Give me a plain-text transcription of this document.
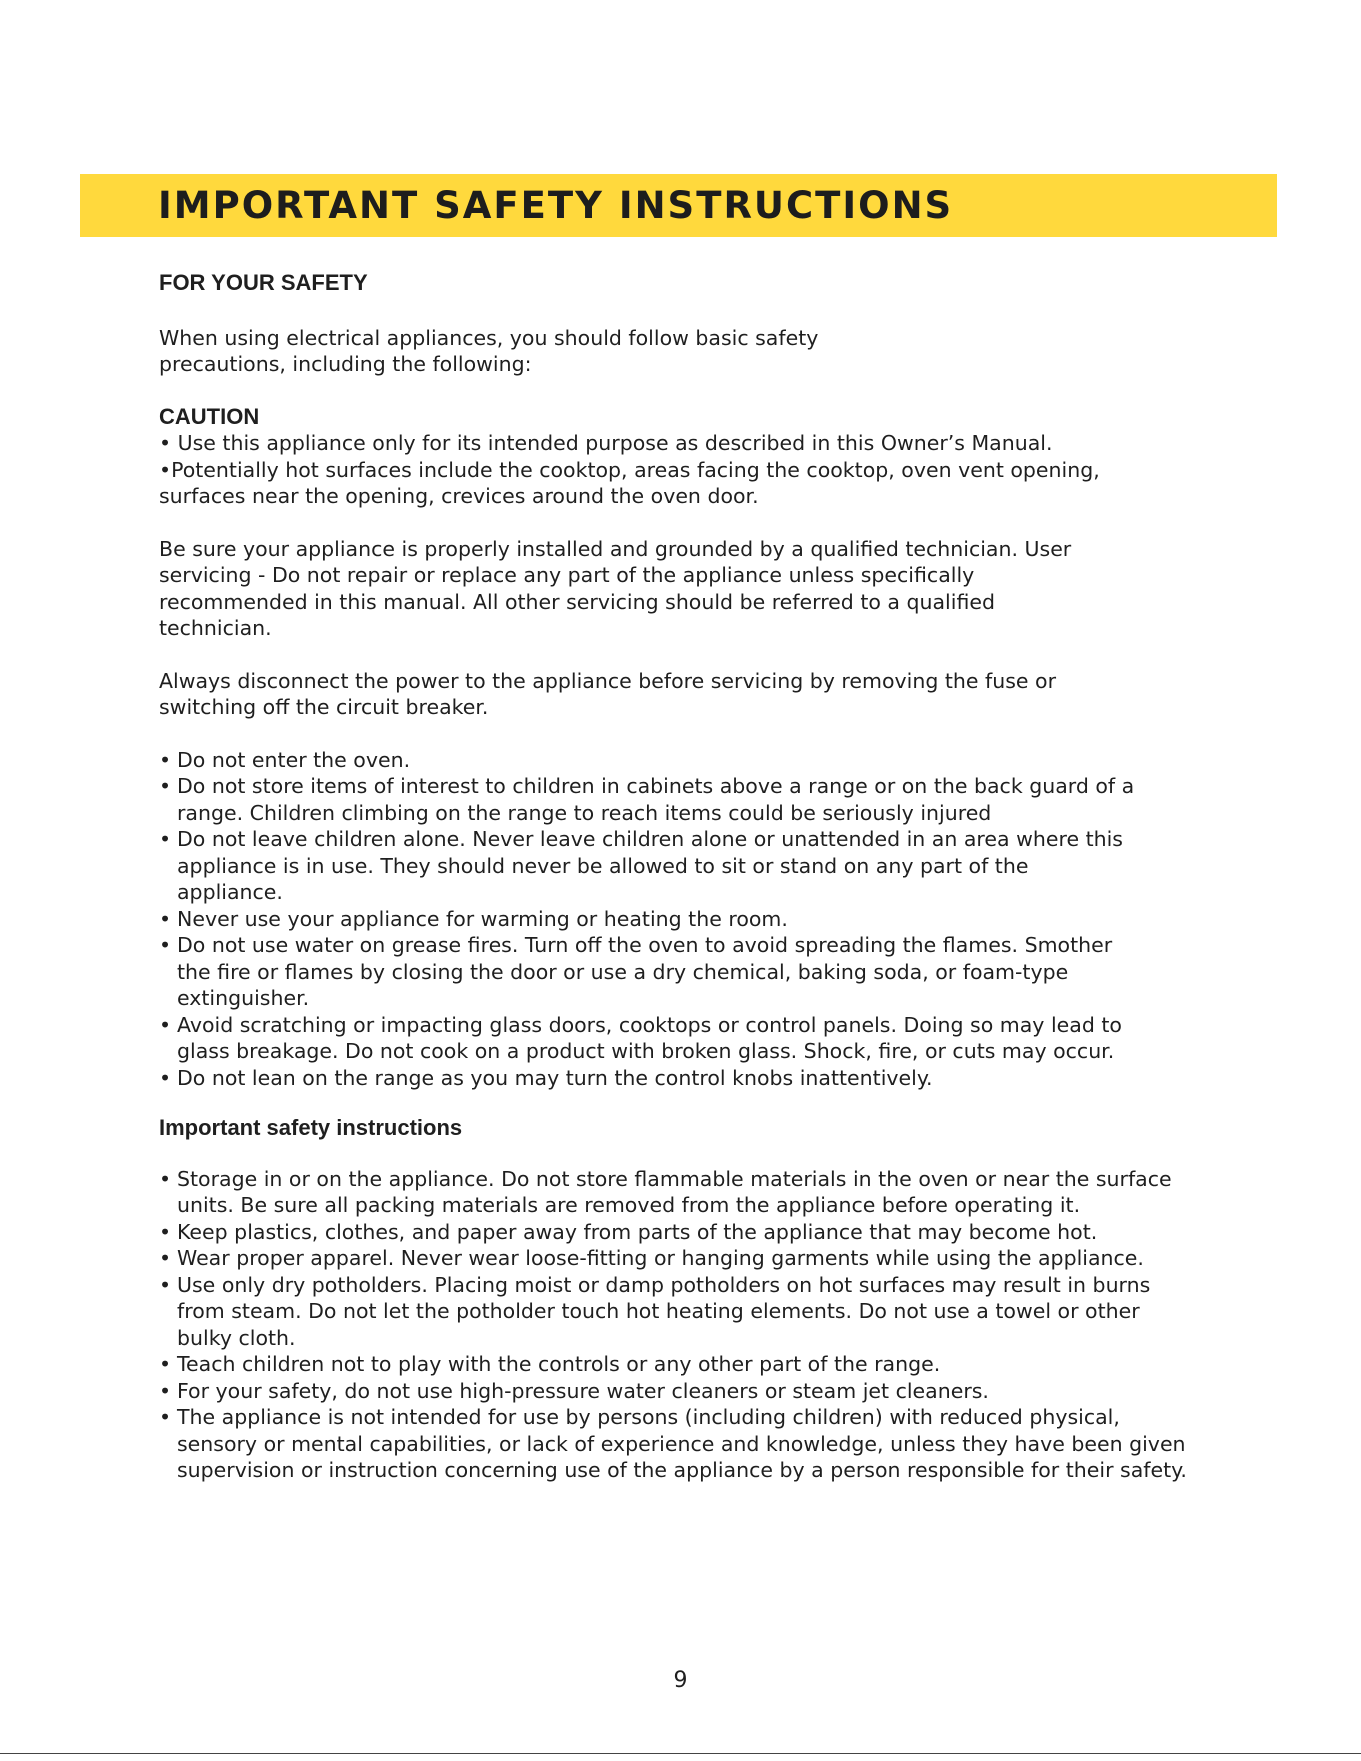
IMPORTANT SAFETY INSTRUCTIONS

FOR YOUR SAFETY

When using electrical appliances, you should follow basic safety precautions, including the following:

CAUTION

• Use this appliance only for its intended purpose as described in this Owner’s Manual.
•Potentially hot surfaces include the cooktop, areas facing the cooktop, oven vent opening, surfaces near the opening, crevices around the oven door.

Be sure your appliance is properly installed and grounded by a qualified technician. User servicing - Do not repair or replace any part of the appliance unless specifically recommended in this manual. All other servicing should be referred to a qualified technician.

Always disconnect the power to the appliance before servicing by removing the fuse or switching off the circuit breaker.

• Do not enter the oven.
• Do not store items of interest to children in cabinets above a range or on the back guard of a range. Children climbing on the range to reach items could be seriously injured
• Do not leave children alone. Never leave children alone or unattended in an area where this appliance is in use. They should never be allowed to sit or stand on any part of the appliance.
• Never use your appliance for warming or heating the room.
• Do not use water on grease fires. Turn off the oven to avoid spreading the flames. Smother the fire or flames by closing the door or use a dry chemical, baking soda, or foam-type extinguisher.
• Avoid scratching or impacting glass doors, cooktops or control panels. Doing so may lead to glass breakage. Do not cook on a product with broken glass. Shock, fire, or cuts may occur.
• Do not lean on the range as you may turn the control knobs inattentively.

Important safety instructions

• Storage in or on the appliance. Do not store flammable materials in the oven or near the surface units. Be sure all packing materials are removed from the appliance before operating it.
• Keep plastics, clothes, and paper away from parts of the appliance that may become hot.
• Wear proper apparel. Never wear loose-fitting or hanging garments while using the appliance.
• Use only dry potholders. Placing moist or damp potholders on hot surfaces may result in burns from steam. Do not let the potholder touch hot heating elements. Do not use a towel or other bulky cloth.
• Teach children not to play with the controls or any other part of the range.
• For your safety, do not use high-pressure water cleaners or steam jet cleaners.
• The appliance is not intended for use by persons (including children) with reduced physical, sensory or mental capabilities, or lack of experience and knowledge, unless they have been given supervision or instruction concerning use of the appliance by a person responsible for their safety.
9
